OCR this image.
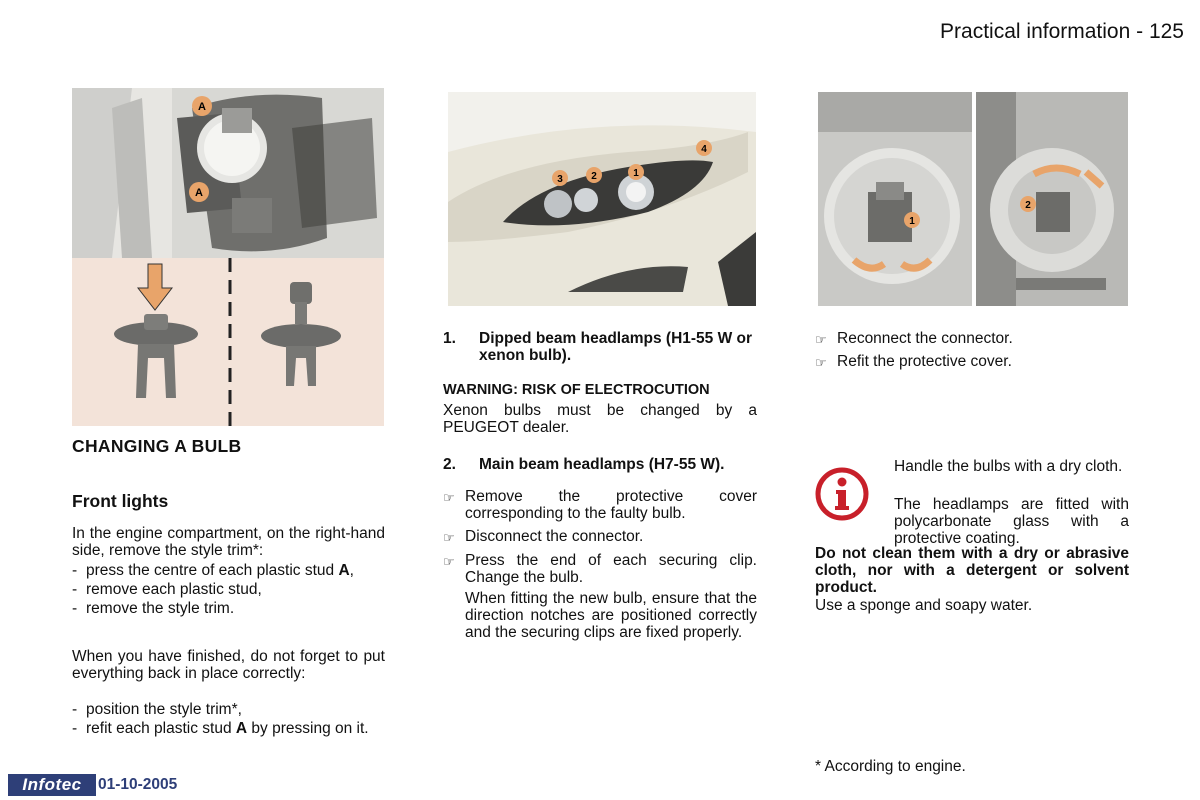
Practical information - 125
A
A
CHANGING A BULB
Front lights
In the engine compartment, on the right-hand side, remove the style trim*:
- press the centre of each plastic stud A,
- remove each plastic stud,
- remove the style trim.
When you have finished, do not forget to put everything back in place correctly:
- position the style trim*,
- refit each plastic stud A by pressing on it.
3	2	1
4
1.	Dipped beam headlamps (H1-55 W or xenon bulb).
WARNING: RISK OF ELECTROCUTION
Xenon bulbs must be changed by a PEUGEOT dealer.
2.	Main beam headlamps (H7-55 W).
☞ Remove the protective cover corresponding to the faulty bulb.
☞ Disconnect the connector.
☞ Press the end of each securing clip. Change the bulb.
When fitting the new bulb, ensure that the direction notches are positioned correctly and the securing clips are fixed properly.
1
2
☞ Reconnect the connector.
☞ Refit the protective cover.
Handle the bulbs with a dry cloth.
The headlamps are fitted with polycarbonate glass with a protective coating.
Do not clean them with a dry or abrasive cloth, nor with a detergent or solvent product.
Use a sponge and soapy water.
* According to engine.
Infotec	01-10-2005
